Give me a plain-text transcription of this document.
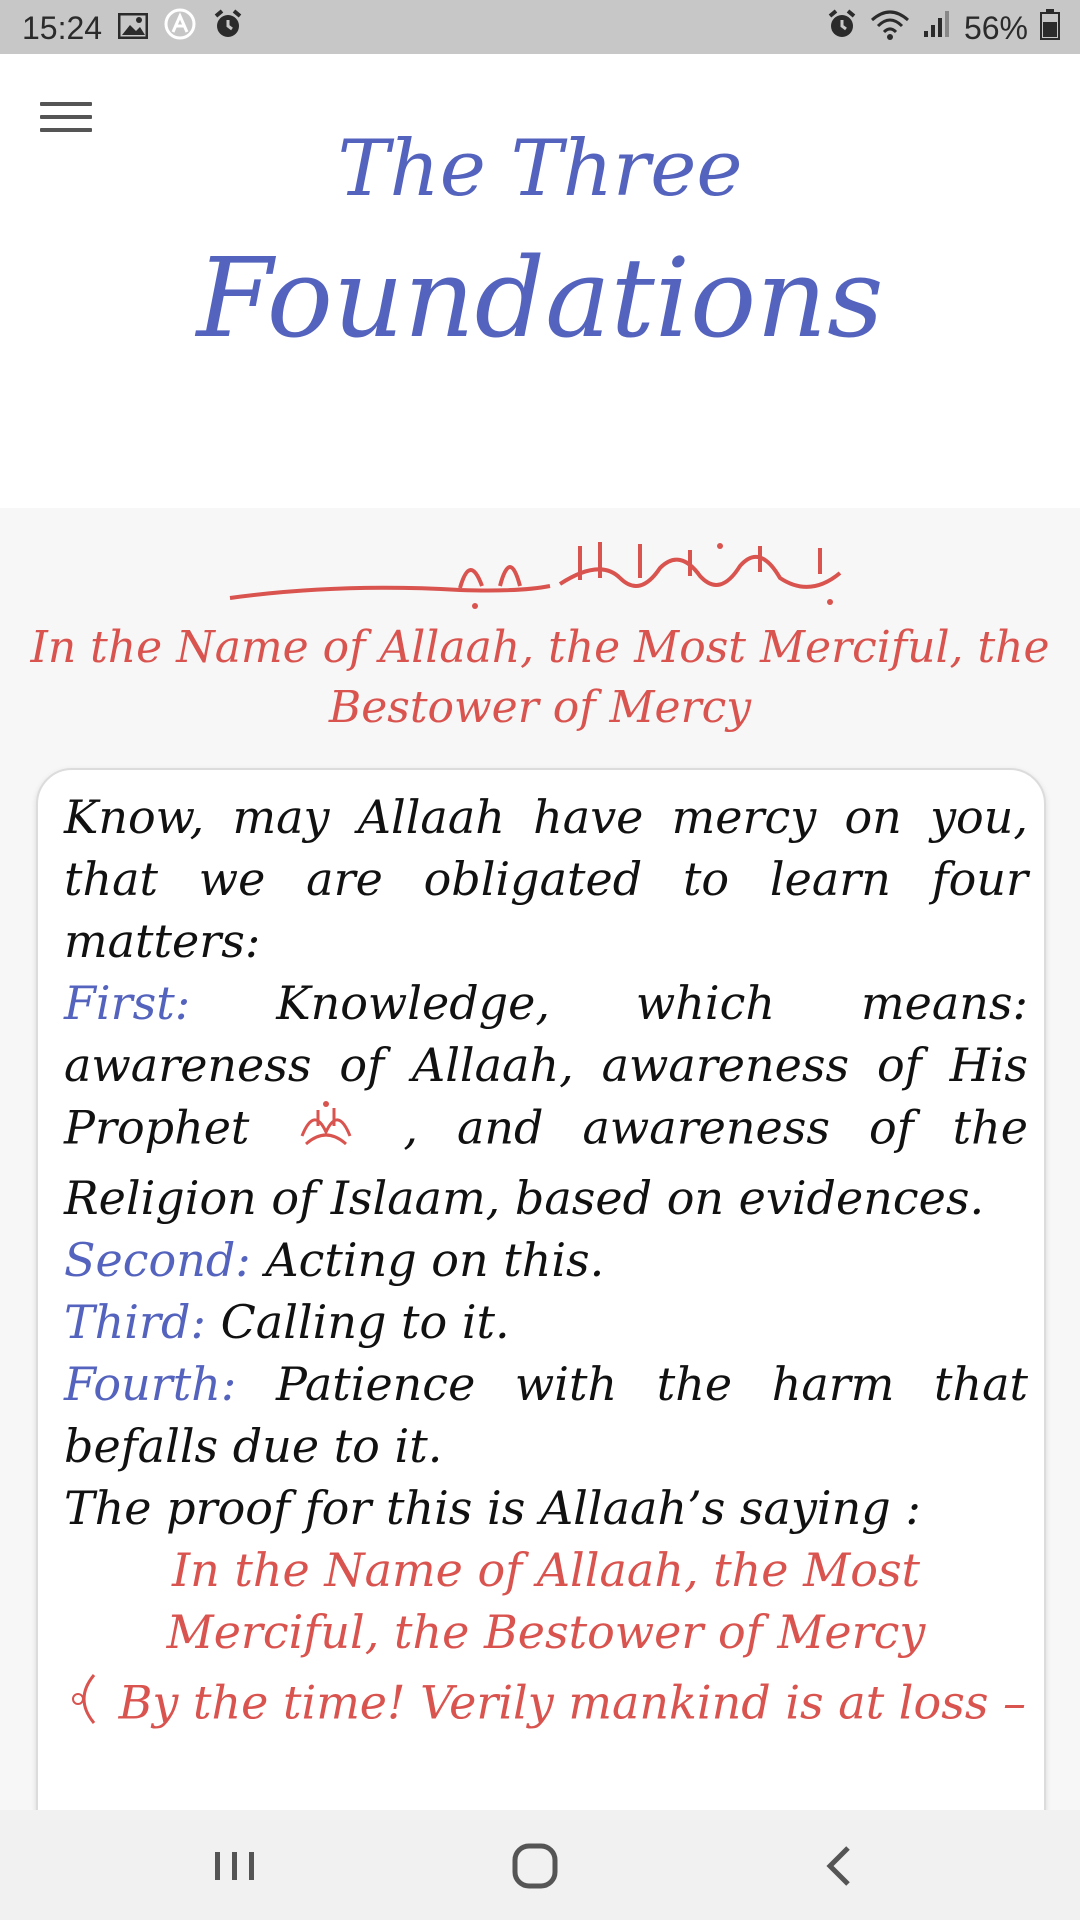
15:24	56%
The Three
Foundations
In the Name of Allaah, the Most Merciful, the Bestower of Mercy

Know, may Allaah have mercy on you, that we are obligated to learn four matters:

First: Knowledge, which means: awareness of Allaah, awareness of His Prophet	, and awareness of the Religion of Islaam, based on evidences.

Second: Acting on this.

Third: Calling to it.

Fourth: Patience with the harm that befalls due to it.

The proof for this is Allaah’s saying :

In the Name of Allaah, the Most Merciful, the Bestower of Mercy

By the time! Verily mankind is at loss –
